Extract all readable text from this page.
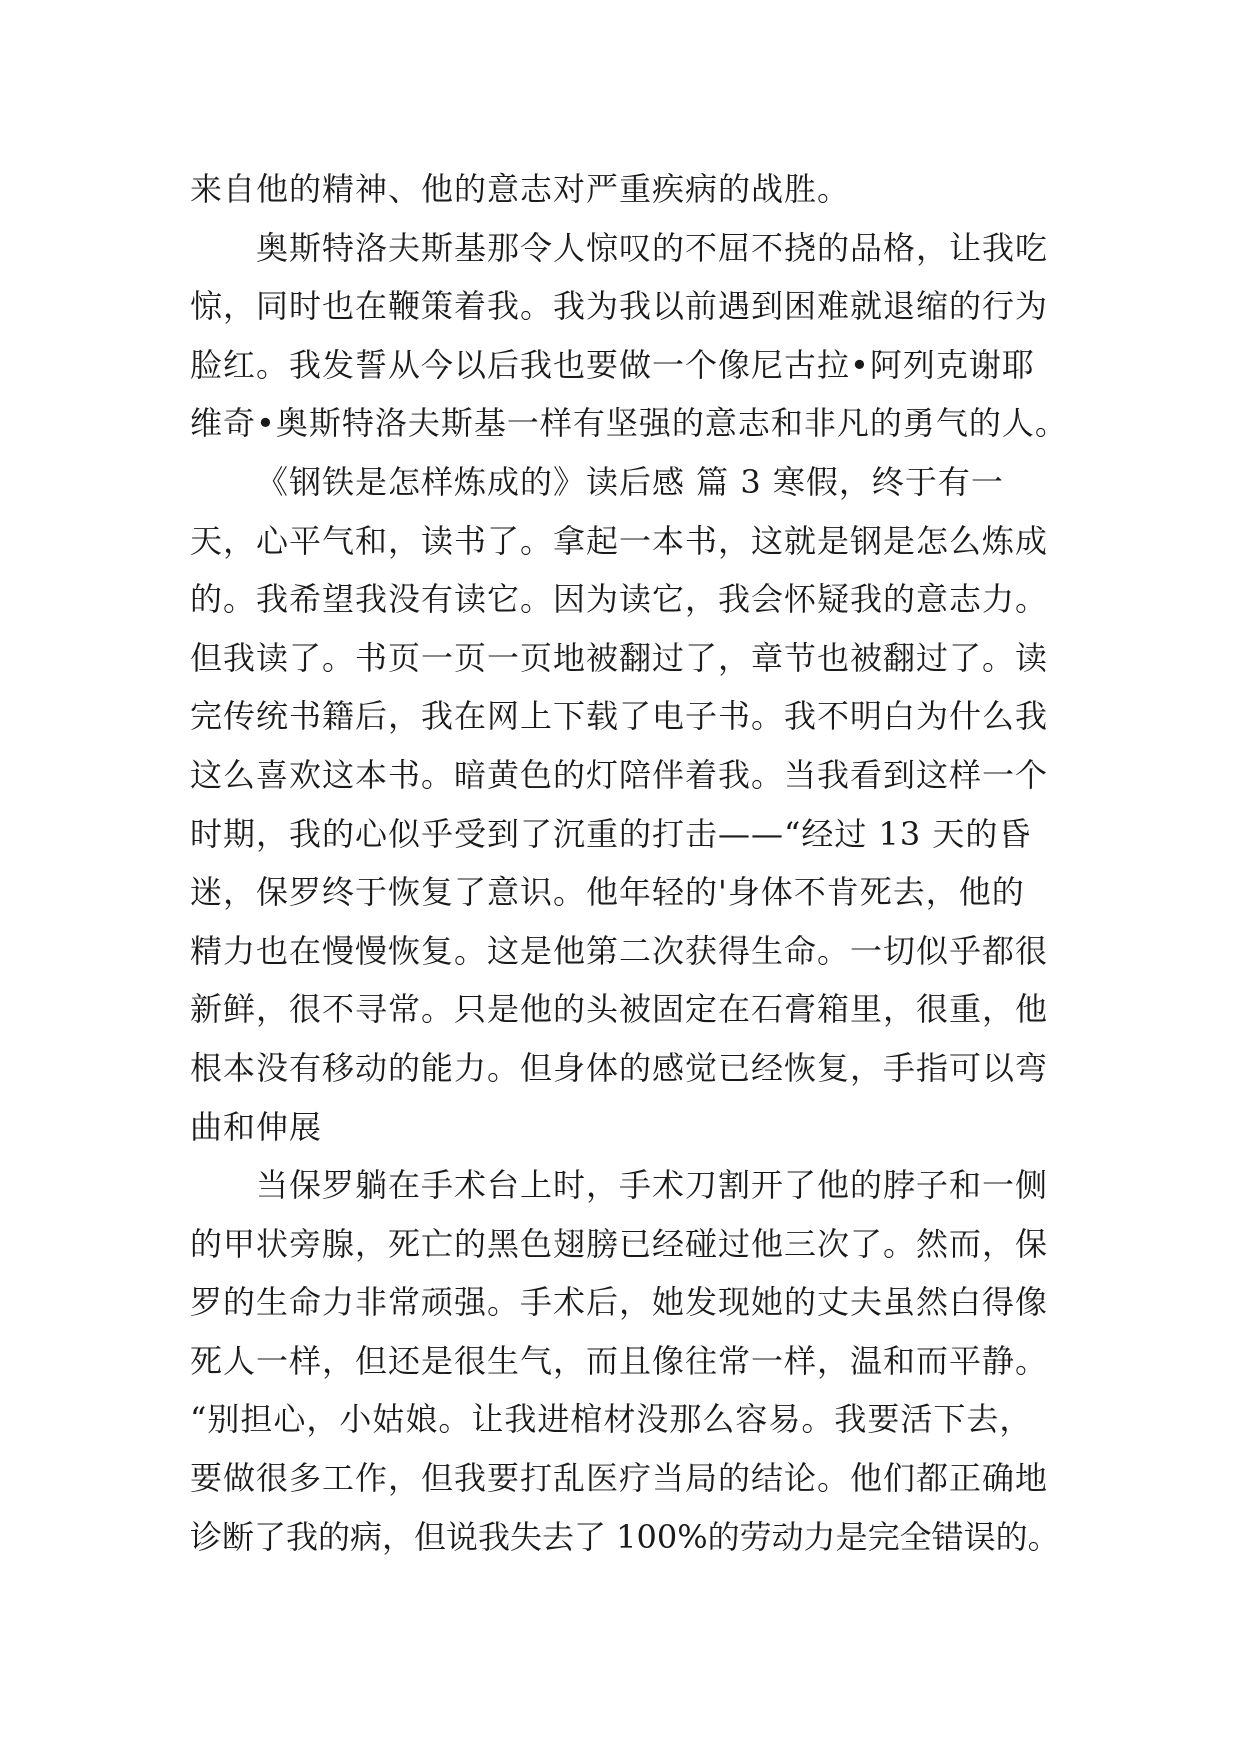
来自他的精神、他的意志对严重疾病的战胜。
奥斯特洛夫斯基那令人惊叹的不屈不挠的品格，让我吃
惊，同时也在鞭策着我。我为我以前遇到困难就退缩的行为
脸红。我发誓从今以后我也要做一个像尼古拉•阿列克谢耶
维奇•奥斯特洛夫斯基一样有坚强的意志和非凡的勇气的人。
《钢铁是怎样炼成的》读后感 篇 3 寒假，终于有一
天，心平气和，读书了。拿起一本书，这就是钢是怎么炼成
的。我希望我没有读它。因为读它，我会怀疑我的意志力。
但我读了。书页一页一页地被翻过了，章节也被翻过了。读
完传统书籍后，我在网上下载了电子书。我不明白为什么我
这么喜欢这本书。暗黄色的灯陪伴着我。当我看到这样一个
时期，我的心似乎受到了沉重的打击——“经过 13 天的昏
迷，保罗终于恢复了意识。他年轻的'身体不肯死去，他的
精力也在慢慢恢复。这是他第二次获得生命。一切似乎都很
新鲜，很不寻常。只是他的头被固定在石膏箱里，很重，他
根本没有移动的能力。但身体的感觉已经恢复，手指可以弯
曲和伸展
当保罗躺在手术台上时，手术刀割开了他的脖子和一侧
的甲状旁腺，死亡的黑色翅膀已经碰过他三次了。然而，保
罗的生命力非常顽强。手术后，她发现她的丈夫虽然白得像
死人一样，但还是很生气，而且像往常一样，温和而平静。
“别担心，小姑娘。让我进棺材没那么容易。我要活下去，
要做很多工作，但我要打乱医疗当局的结论。他们都正确地
诊断了我的病，但说我失去了 100%的劳动力是完全错误的。
